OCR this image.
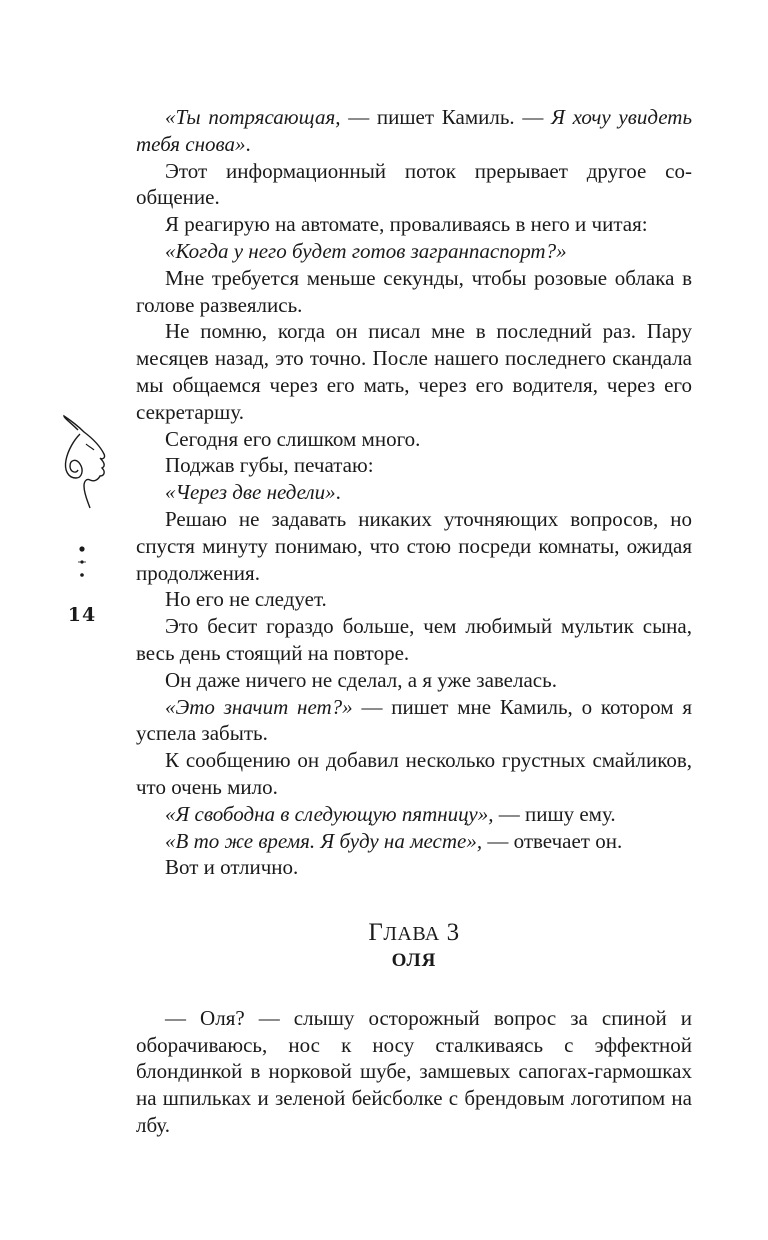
14

«Ты потрясающая, — пишет Камиль. — Я хочу увидеть тебя снова».

Этот информационный поток прерывает другое сообщение.

Я реагирую на автомате, проваливаясь в него и читая:

«Когда у него будет готов загранпаспорт?»

Мне требуется меньше секунды, чтобы розовые облака в голове развеялись.

Не помню, когда он писал мне в последний раз. Пару месяцев назад, это точно. После нашего последнего скандала мы общаемся через его мать, через его водителя, через его секретаршу.

Сегодня его слишком много.

Поджав губы, печатаю:

«Через две недели».

Решаю не задавать никаких уточняющих вопросов, но спустя минуту понимаю, что стою посреди комнаты, ожидая продолжения.

Но его не следует.

Это бесит гораздо больше, чем любимый мультик сына, весь день стоящий на повторе.

Он даже ничего не сделал, а я уже завелась.

«Это значит нет?» — пишет мне Камиль, о котором я успела забыть.

К сообщению он добавил несколько грустных смайликов, что очень мило.

«Я свободна в следующую пятницу», — пишу ему.

«В то же время. Я буду на месте», — отвечает он.

Вот и отлично.

ГЛАВА 3
ОЛЯ

— Оля? — слышу осторожный вопрос за спиной и оборачиваюсь, нос к носу сталкиваясь с эффектной блондинкой в норковой шубе, замшевых сапогах-гармошках на шпильках и зеленой бейсболке с брендовым логотипом на лбу.
